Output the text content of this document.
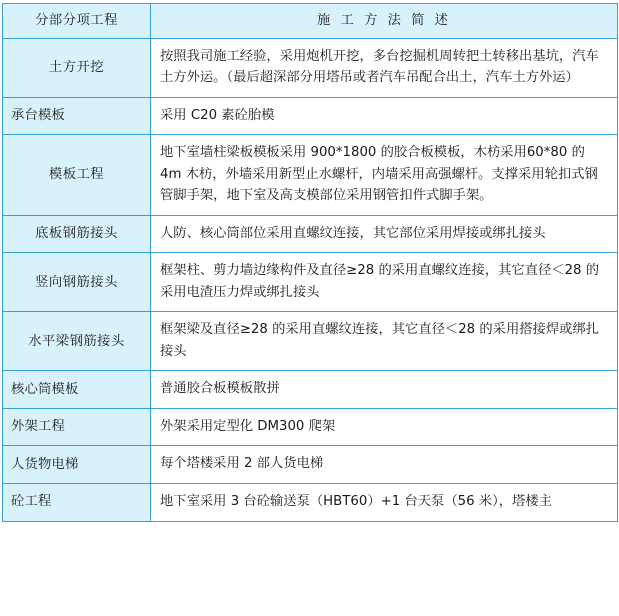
分部分项工程	施 工 方 法 简 述
土方开挖	按照我司施工经验，采用炮机开挖，多台挖掘机周转把土转移出基坑，汽车土方外运。（最后超深部分用塔吊或者汽车吊配合出土，汽车土方外运）
承台模板	采用 C20 素砼胎模
模板工程	地下室墙柱梁板模板采用 900*1800 的胶合板模板，木枋采用60*80 的 4m 木枋，外墙采用新型止水螺杆，内墙采用高强螺杆。支撑采用轮扣式钢管脚手架，地下室及高支模部位采用钢管扣件式脚手架。
底板钢筋接头	人防、核心筒部位采用直螺纹连接，其它部位采用焊接或绑扎接头
竖向钢筋接头	框架柱、剪力墙边缘构件及直径≥28 的采用直螺纹连接，其它直径＜28 的采用电渣压力焊或绑扎接头
水平梁钢筋接头	框架梁及直径≥28 的采用直螺纹连接，其它直径＜28 的采用搭接焊或绑扎接头
核心筒模板	普通胶合板模板散拼
外架工程	外架采用定型化 DM300 爬架
人货物电梯	每个塔楼采用 2 部人货电梯
砼工程	地下室采用 3 台砼输送泵（HBT60）+1 台天泵（56 米），塔楼主
